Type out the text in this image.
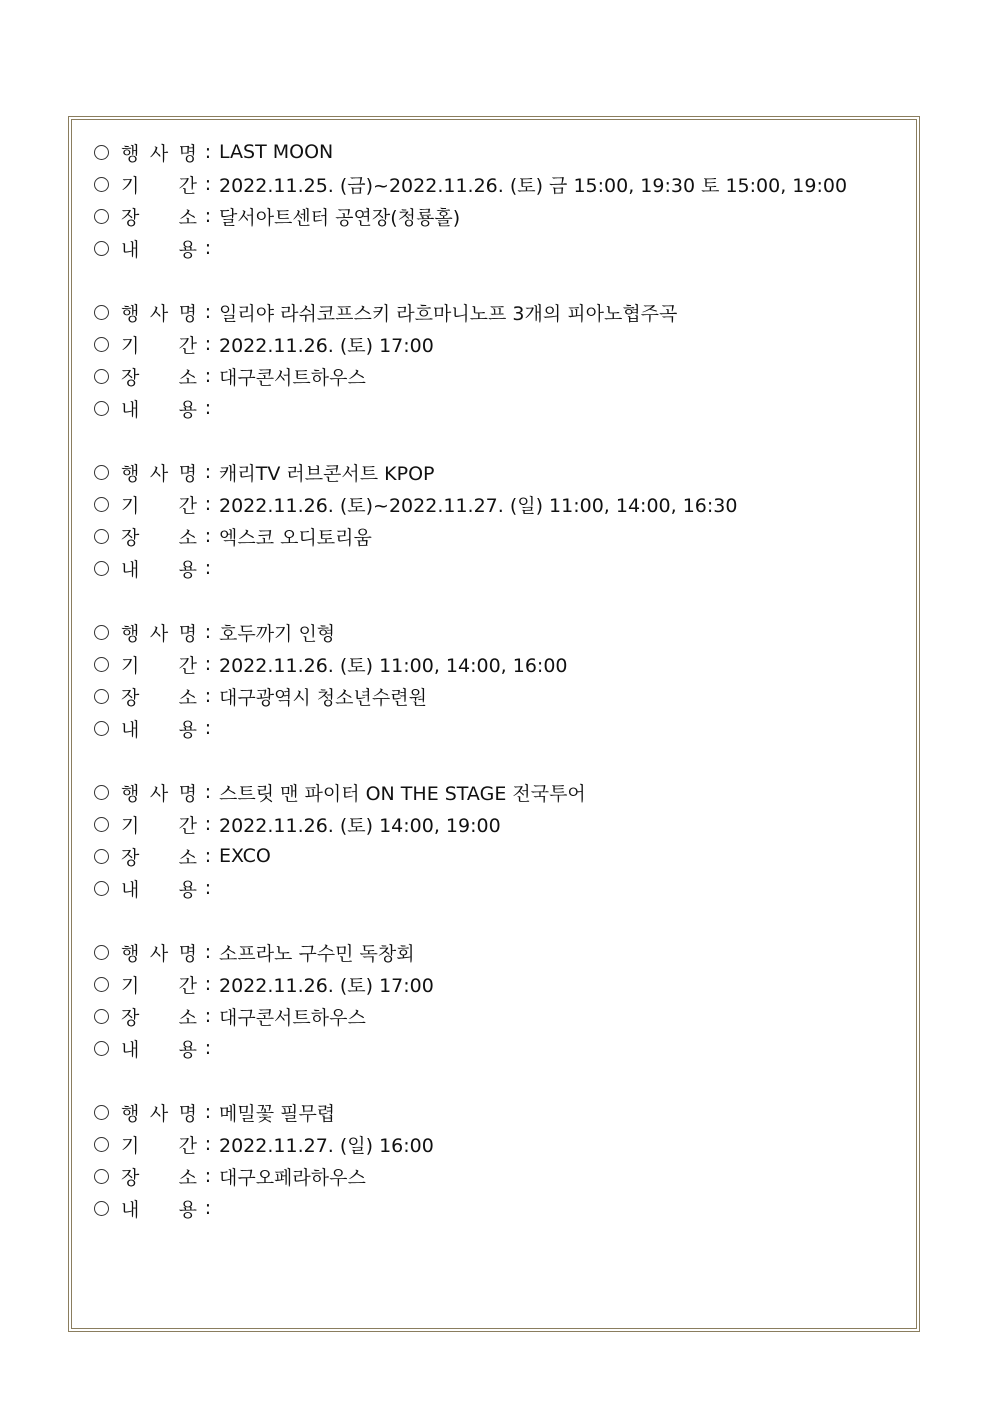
행 사 명 : LAST MOON
기 간 : 2022.11.25. (금)~2022.11.26. (토) 금 15:00, 19:30 토 15:00, 19:00
장 소 : 달서아트센터 공연장(청룡홀)
내 용 :
행 사 명 : 일리야 라쉬코프스키 라흐마니노프 3개의 피아노협주곡
기 간 : 2022.11.26. (토) 17:00
장 소 : 대구콘서트하우스
내 용 :
행 사 명 : 캐리TV 러브콘서트 KPOP
기 간 : 2022.11.26. (토)~2022.11.27. (일) 11:00, 14:00, 16:30
장 소 : 엑스코 오디토리움
내 용 :
행 사 명 : 호두까기 인형
기 간 : 2022.11.26. (토) 11:00, 14:00, 16:00
장 소 : 대구광역시 청소년수련원
내 용 :
행 사 명 : 스트릿 맨 파이터 ON THE STAGE 전국투어
기 간 : 2022.11.26. (토) 14:00, 19:00
장 소 : EXCO
내 용 :
행 사 명 : 소프라노 구수민 독창회
기 간 : 2022.11.26. (토) 17:00
장 소 : 대구콘서트하우스
내 용 :
행 사 명 : 메밀꽃 필무렵
기 간 : 2022.11.27. (일) 16:00
장 소 : 대구오페라하우스
내 용 :
